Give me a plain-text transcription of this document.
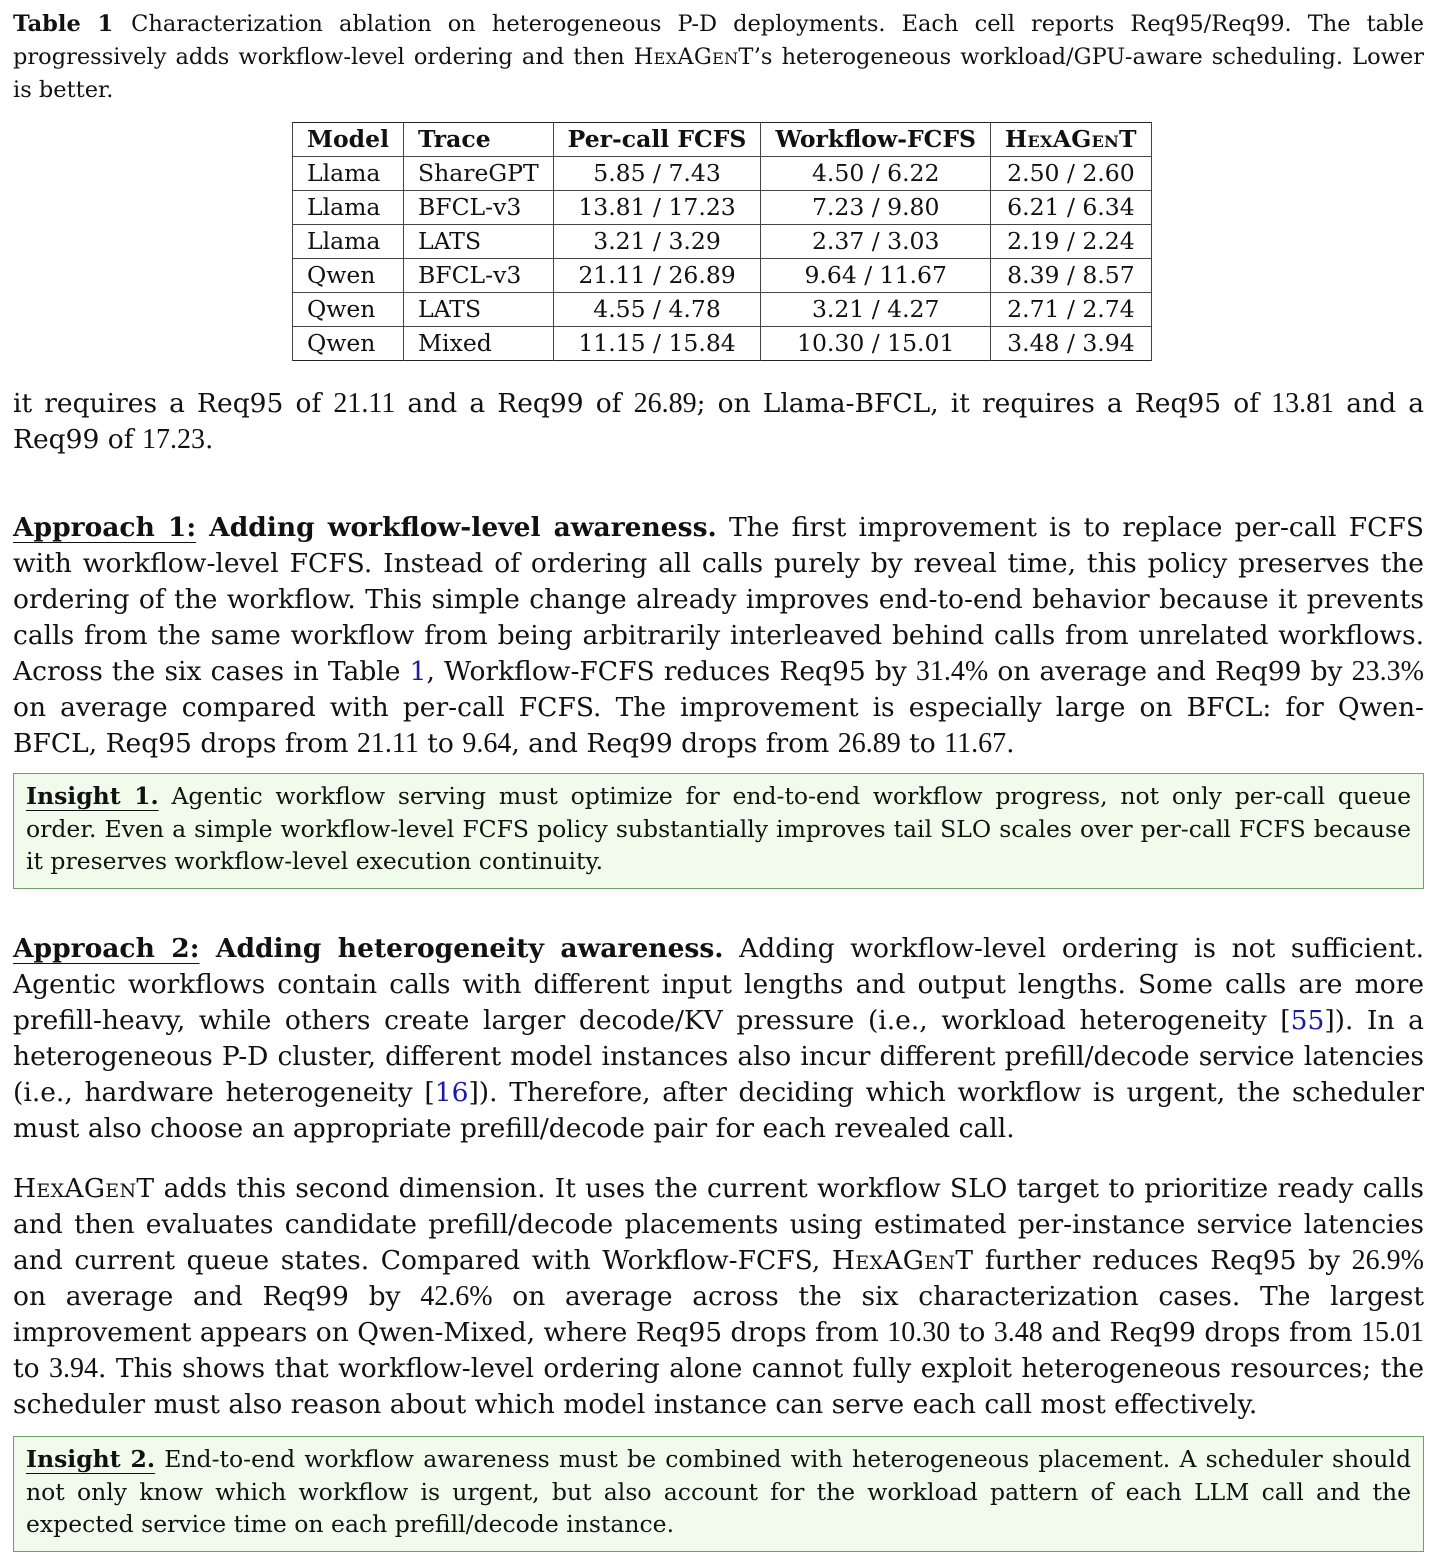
Table 1 Characterization ablation on heterogeneous P-D deployments. Each cell reports Req95/Req99. The table progressively adds workflow-level ordering and then HexAGenT’s heterogeneous workload/GPU-aware scheduling. Lower is better.
Model	Trace	Per-call FCFS	Workflow-FCFS	HexAGenT
Llama	ShareGPT	5.85 / 7.43	4.50 / 6.22	2.50 / 2.60
Llama	BFCL-v3	13.81 / 17.23	7.23 / 9.80	6.21 / 6.34
Llama	LATS	3.21 / 3.29	2.37 / 3.03	2.19 / 2.24
Qwen	BFCL-v3	21.11 / 26.89	9.64 / 11.67	8.39 / 8.57
Qwen	LATS	4.55 / 4.78	3.21 / 4.27	2.71 / 2.74
Qwen	Mixed	11.15 / 15.84	10.30 / 15.01	3.48 / 3.94

it requires a Req95 of 21.11 and a Req99 of 26.89; on Llama-BFCL, it requires a Req95 of 13.81 and a Req99 of 17.23.

Approach 1: Adding workflow-level awareness. The first improvement is to replace per-call FCFS with workflow-level FCFS. Instead of ordering all calls purely by reveal time, this policy preserves the ordering of the workflow. This simple change already improves end-to-end behavior because it prevents calls from the same workflow from being arbitrarily interleaved behind calls from unrelated workflows. Across the six cases in Table 1, Workflow-FCFS reduces Req95 by 31.4% on average and Req99 by 23.3% on average compared with per-call FCFS. The improvement is especially large on BFCL: for Qwen-BFCL, Req95 drops from 21.11 to 9.64, and Req99 drops from 26.89 to 11.67.

Insight 1. Agentic workflow serving must optimize for end-to-end workflow progress, not only per-call queue order. Even a simple workflow-level FCFS policy substantially improves tail SLO scales over per-call FCFS because it preserves workflow-level execution continuity.

Approach 2: Adding heterogeneity awareness. Adding workflow-level ordering is not sufficient. Agentic workflows contain calls with different input lengths and output lengths. Some calls are more prefill-heavy, while others create larger decode/KV pressure (i.e., workload heterogeneity [55]). In a heterogeneous P-D cluster, different model instances also incur different prefill/decode service latencies (i.e., hardware heterogeneity [16]). Therefore, after deciding which workflow is urgent, the scheduler must also choose an appropriate prefill/decode pair for each revealed call.

HexAGenT adds this second dimension. It uses the current workflow SLO target to prioritize ready calls and then evaluates candidate prefill/decode placements using estimated per-instance service latencies and current queue states. Compared with Workflow-FCFS, HexAGenT further reduces Req95 by 26.9% on average and Req99 by 42.6% on average across the six characterization cases. The largest improvement appears on Qwen-Mixed, where Req95 drops from 10.30 to 3.48 and Req99 drops from 15.01 to 3.94. This shows that workflow-level ordering alone cannot fully exploit heterogeneous resources; the scheduler must also reason about which model instance can serve each call most effectively.

Insight 2. End-to-end workflow awareness must be combined with heterogeneous placement. A scheduler should not only know which workflow is urgent, but also account for the workload pattern of each LLM call and the expected service time on each prefill/decode instance.
